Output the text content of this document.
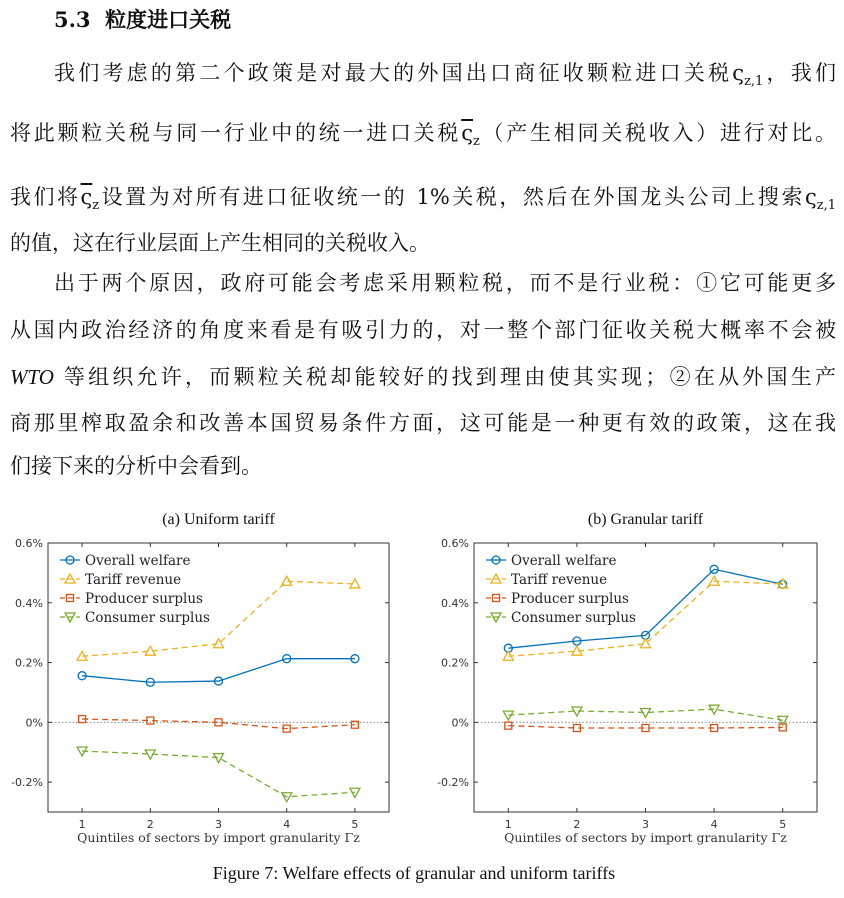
5.3 粒度进口关税
我们考虑的第二个政策是对最大的外国出口商征收颗粒进口关税$\varsigma_{z,1}$，我们
将此颗粒关税与同一行业中的统一进口关税$\overline{\varsigma}_z$（产生相同关税收入）进行对比。
我们将$\overline{\varsigma}_z$设置为对所有进口征收统一的 1%关税，然后在外国龙头公司上搜索$\varsigma_{z,1}$
的值，这在行业层面上产生相同的关税收入。
出于两个原因，政府可能会考虑采用颗粒税，而不是行业税：①它可能更多
从国内政治经济的角度来看是有吸引力的，对一整个部门征收关税大概率不会被
WTO 等组织允许，而颗粒关税却能较好的找到理由使其实现；②在从外国生产
商那里榨取盈余和改善本国贸易条件方面，这可能是一种更有效的政策，这在我
们接下来的分析中会看到。
(a) Uniform tariff
-0.2%
0%
0.2%
0.4%
0.6%
1	2	3	4	5
Quintiles of sectors by import granularity Γz
Overall welfare
Tariff revenue
Producer surplus
Consumer surplus
(b) Granular tariff
-0.2%
0%
0.2%
0.4%
0.6%
1	2	3	4	5
Quintiles of sectors by import granularity Γz
Overall welfare
Tariff revenue
Producer surplus
Consumer surplus
Figure 7: Welfare effects of granular and uniform tariffs
